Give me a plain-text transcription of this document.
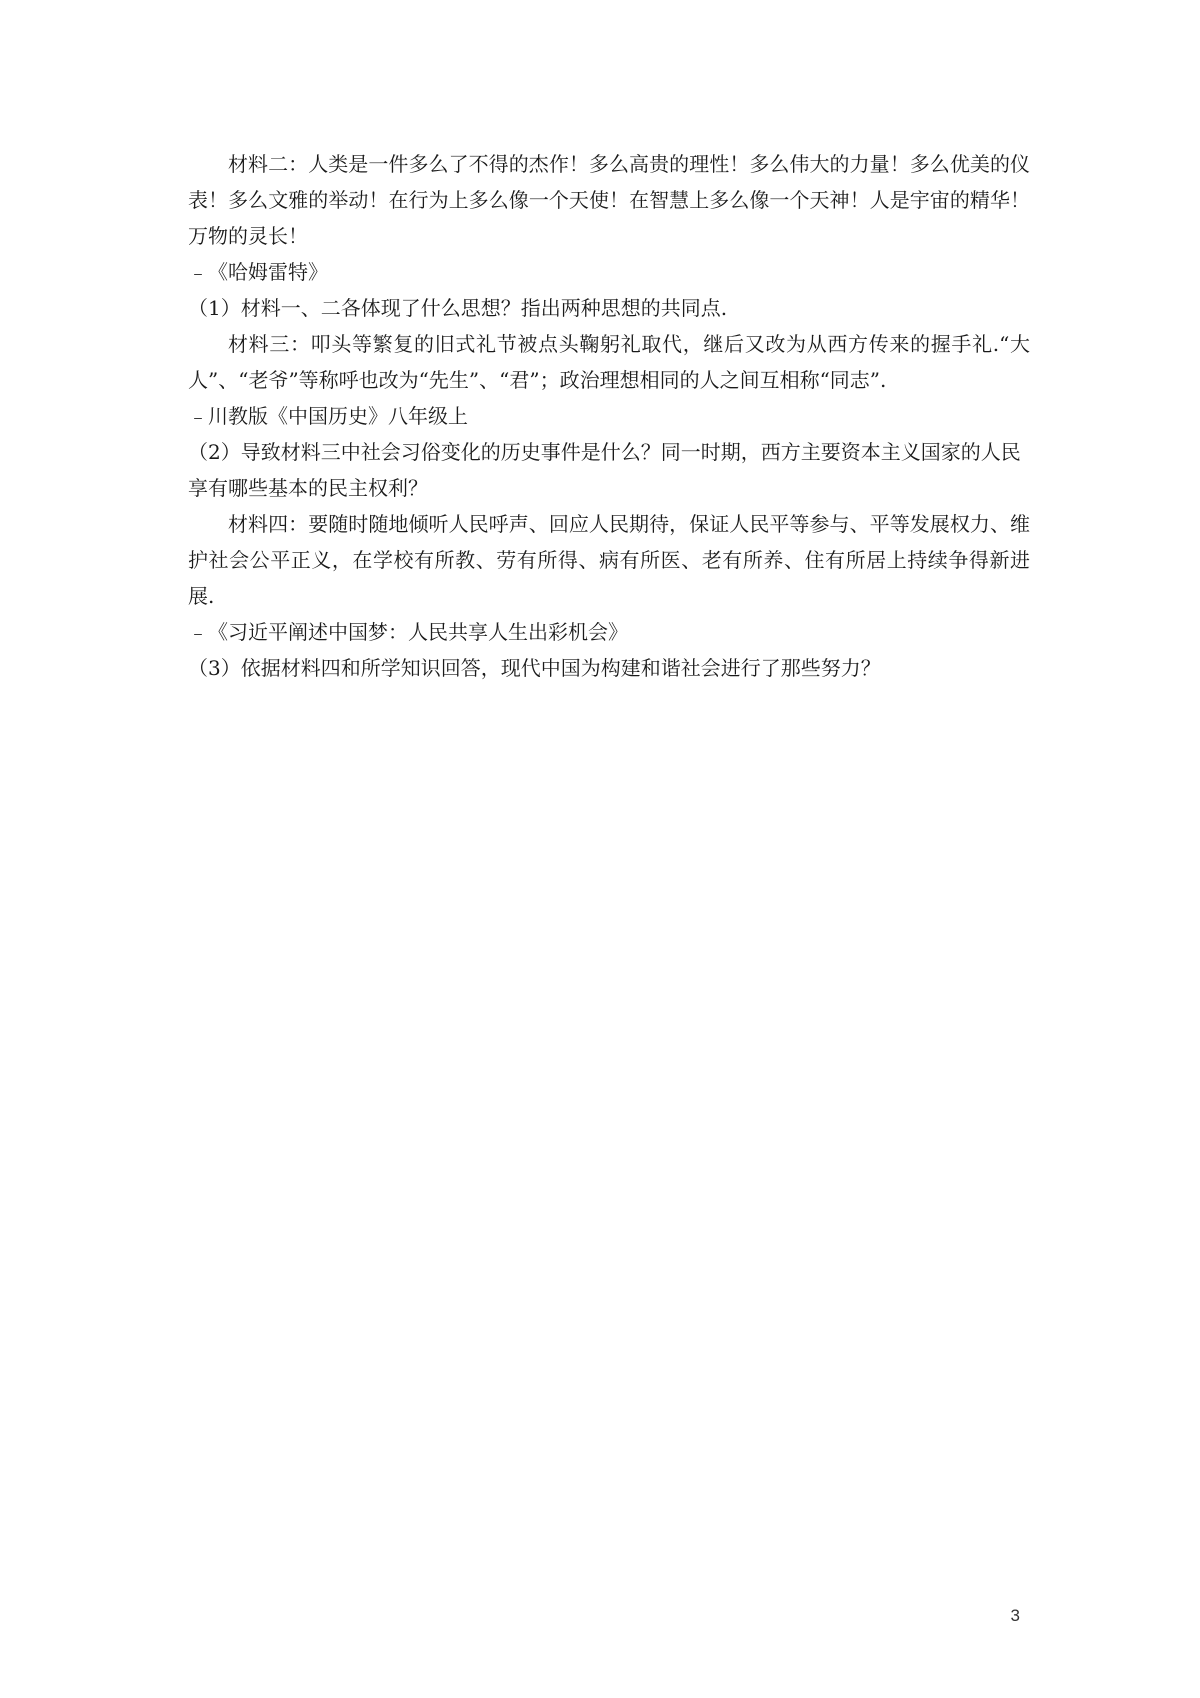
材料二：人类是一件多么了不得的杰作！多么高贵的理性！多么伟大的力量！多么优美的仪表！多么文雅的举动！在行为上多么像一个天使！在智慧上多么像一个天神！人是宇宙的精华！万物的灵长！

﹣《哈姆雷特》

（1）材料一、二各体现了什么思想？指出两种思想的共同点.

材料三：叩头等繁复的旧式礼节被点头鞠躬礼取代，继后又改为从西方传来的握手礼.“大人”、“老爷”等称呼也改为“先生”、“君”；政治理想相同的人之间互相称“同志”.

﹣川教版《中国历史》八年级上

（2）导致材料三中社会习俗变化的历史事件是什么？同一时期，西方主要资本主义国家的人民享有哪些基本的民主权利？

材料四：要随时随地倾听人民呼声、回应人民期待，保证人民平等参与、平等发展权力、维护社会公平正义，在学校有所教、劳有所得、病有所医、老有所养、住有所居上持续争得新进展.

﹣《习近平阐述中国梦：人民共享人生出彩机会》

（3）依据材料四和所学知识回答，现代中国为构建和谐社会进行了那些努力？

3
